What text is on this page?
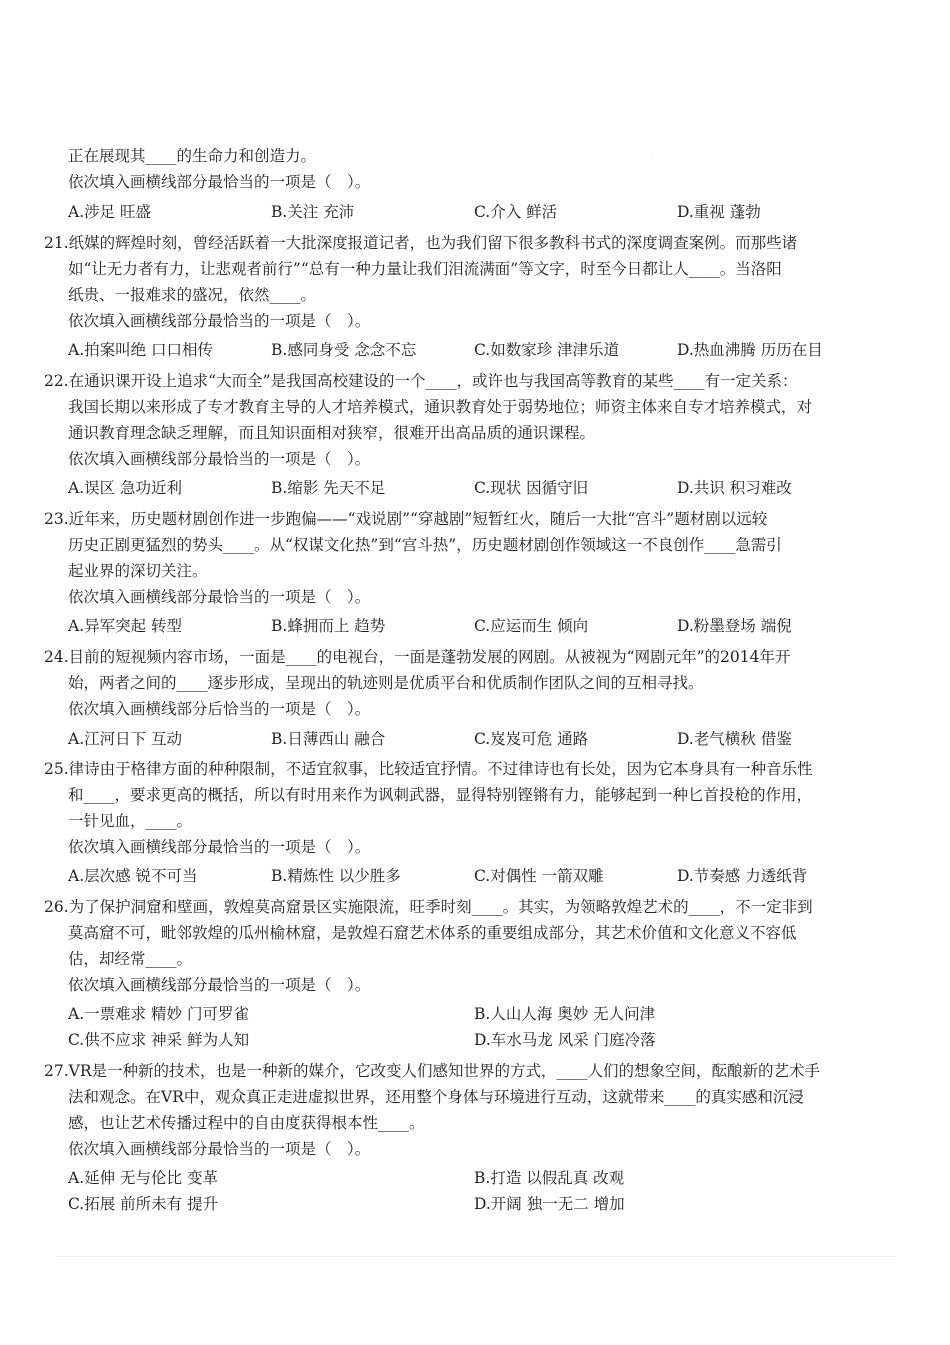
·
正在展现其____的生命力和创造力。
依次填入画横线部分最恰当的一项是（　）。
A.涉足 旺盛	B.关注 充沛	C.介入 鲜活	D.重视 蓬勃
21.纸媒的辉煌时刻，曾经活跃着一大批深度报道记者，也为我们留下很多教科书式的深度调查案例。而那些诸
如“让无力者有力，让悲观者前行”“总有一种力量让我们泪流满面”等文字，时至今日都让人____。当洛阳
纸贵、一报难求的盛况，依然____。
依次填入画横线部分最恰当的一项是（　）。
A.拍案叫绝 口口相传	B.感同身受 念念不忘	C.如数家珍 津津乐道	D.热血沸腾 历历在目
22.在通识课开设上追求“大而全”是我国高校建设的一个____，或许也与我国高等教育的某些____有一定关系：
我国长期以来形成了专才教育主导的人才培养模式，通识教育处于弱势地位；师资主体来自专才培养模式，对
通识教育理念缺乏理解，而且知识面相对狭窄，很难开出高品质的通识课程。
依次填入画横线部分最恰当的一项是（　）。
A.误区 急功近利	B.缩影 先天不足	C.现状 因循守旧	D.共识 积习难改
23.近年来，历史题材剧创作进一步跑偏——“戏说剧”“穿越剧”短暂红火，随后一大批“宫斗”题材剧以远较
历史正剧更猛烈的势头____。从“权谋文化热”到“宫斗热”，历史题材剧创作领域这一不良创作____急需引
起业界的深切关注。
依次填入画横线部分最恰当的一项是（　）。
A.异军突起 转型	B.蜂拥而上 趋势	C.应运而生 倾向	D.粉墨登场 端倪
24.目前的短视频内容市场，一面是____的电视台，一面是蓬勃发展的网剧。从被视为“网剧元年”的2014年开
始，两者之间的____逐步形成，呈现出的轨迹则是优质平台和优质制作团队之间的互相寻找。
依次填入画横线部分后恰当的一项是（　）。
A.江河日下 互动	B.日薄西山 融合	C.岌岌可危 通路	D.老气横秋 借鉴
25.律诗由于格律方面的种种限制，不适宜叙事，比较适宜抒情。不过律诗也有长处，因为它本身具有一种音乐性
和____，要求更高的概括，所以有时用来作为讽刺武器，显得特别铿锵有力，能够起到一种匕首投枪的作用，
一针见血，____。
依次填入画横线部分最恰当的一项是（　）。
A.层次感 锐不可当	B.精炼性 以少胜多	C.对偶性 一箭双雕	D.节奏感 力透纸背
26.为了保护洞窟和壁画，敦煌莫高窟景区实施限流，旺季时刻____。其实，为领略敦煌艺术的____，不一定非到
莫高窟不可，毗邻敦煌的瓜州榆林窟，是敦煌石窟艺术体系的重要组成部分，其艺术价值和文化意义不容低
估，却经常____。
依次填入画横线部分最恰当的一项是（　）。
A.一票难求 精妙 门可罗雀	B.人山人海 奥妙 无人问津
C.供不应求 神采 鲜为人知	D.车水马龙 风采 门庭冷落
27.VR是一种新的技术，也是一种新的媒介，它改变人们感知世界的方式，____人们的想象空间，酝酿新的艺术手
法和观念。在VR中，观众真正走进虚拟世界，还用整个身体与环境进行互动，这就带来____的真实感和沉浸
感，也让艺术传播过程中的自由度获得根本性____。
依次填入画横线部分最恰当的一项是（　）。
A.延伸 无与伦比 变革	B.打造 以假乱真 改观
C.拓展 前所未有 提升	D.开阔 独一无二 增加
